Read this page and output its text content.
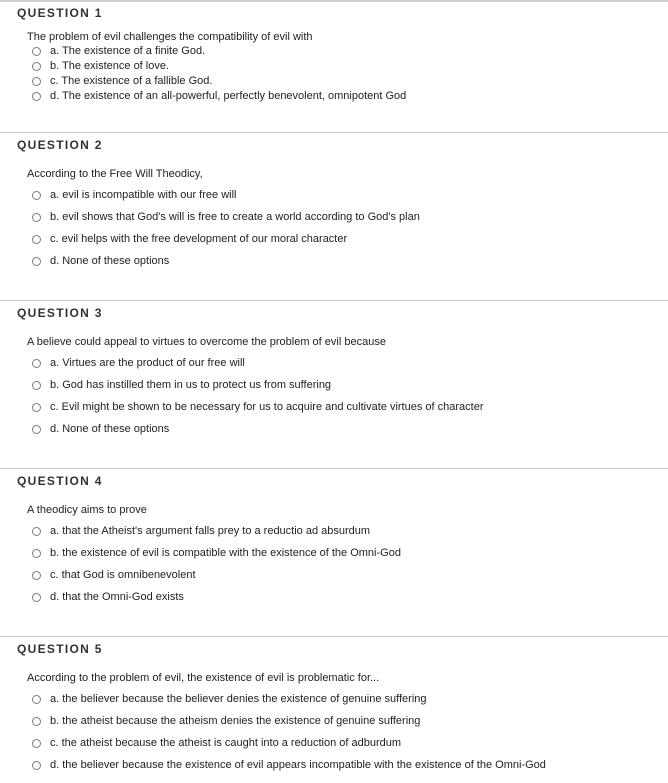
QUESTION 1
The problem of evil challenges the compatibility of evil with
a. The existence of a finite God.
b. The existence of love.
c. The existence of a fallible God.
d. The existence of an all-powerful, perfectly benevolent, omnipotent God
QUESTION 2
According to the Free Will Theodicy,
a. evil is incompatible with our free will
b. evil shows that God's will is free to create a world according to God's plan
c. evil helps with the free development of our moral character
d. None of these options
QUESTION 3
A believe could appeal to virtues to overcome the problem of evil because
a. Virtues are the product of our free will
b. God has instilled them in us to protect us from suffering
c. Evil might be shown to be necessary for us to acquire and cultivate virtues of character
d. None of these options
QUESTION 4
A theodicy aims to prove
a. that the Atheist's argument falls prey to a reductio ad absurdum
b. the existence of evil is compatible with the existence of the Omni-God
c. that God is omnibenevolent
d. that the Omni-God exists
QUESTION 5
According to the problem of evil, the existence of evil is problematic for...
a. the believer because the believer denies the existence of genuine suffering
b. the atheist because the atheism denies the existence of genuine suffering
c. the atheist because the atheist is caught into a reduction of adburdum
d. the believer because the existence of evil appears incompatible with the existence of the Omni-God
